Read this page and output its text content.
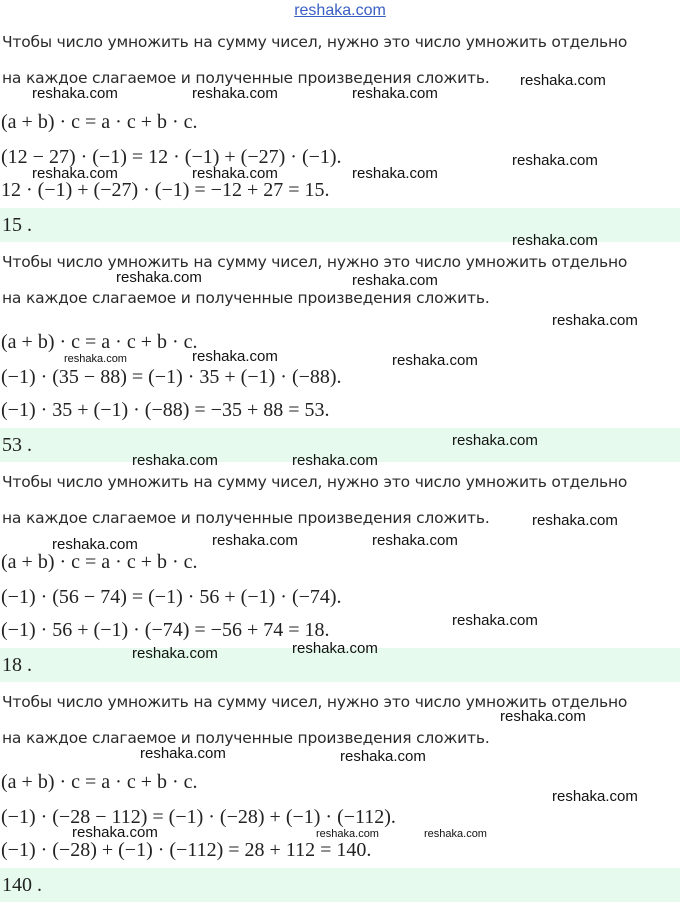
reshaka.com
Чтобы число умножить на сумму чисел, нужно это число умножить отдельно
на каждое слагаемое и полученные произведения сложить.
(a + b) · c = a · c + b · c.
(12 − 27) · (−1) = 12 · (−1) + (−27) · (−1).
12 · (−1) + (−27) · (−1) = −12 + 27 = 15.
15 .
Чтобы число умножить на сумму чисел, нужно это число умножить отдельно
на каждое слагаемое и полученные произведения сложить.
(a + b) · c = a · c + b · c.
(−1) · (35 − 88) = (−1) · 35 + (−1) · (−88).
(−1) · 35 + (−1) · (−88) = −35 + 88 = 53.
53 .
Чтобы число умножить на сумму чисел, нужно это число умножить отдельно
на каждое слагаемое и полученные произведения сложить.
(a + b) · c = a · c + b · c.
(−1) · (56 − 74) = (−1) · 56 + (−1) · (−74).
(−1) · 56 + (−1) · (−74) = −56 + 74 = 18.
18 .
Чтобы число умножить на сумму чисел, нужно это число умножить отдельно
на каждое слагаемое и полученные произведения сложить.
(a + b) · c = a · c + b · c.
(−1) · (−28 − 112) = (−1) · (−28) + (−1) · (−112).
(−1) · (−28) + (−1) · (−112) = 28 + 112 = 140.
140 .
reshaka.com
reshaka.com	reshaka.com	reshaka.com
reshaka.com
reshaka.com	reshaka.com	reshaka.com
reshaka.com
reshaka.com	reshaka.com
reshaka.com
reshaka.com	reshaka.com	reshaka.com
reshaka.com
reshaka.com	reshaka.com
reshaka.com
reshaka.com	reshaka.com	reshaka.com
reshaka.com
reshaka.com	reshaka.com
reshaka.com
reshaka.com	reshaka.com
reshaka.com
reshaka.com	reshaka.com	reshaka.com
